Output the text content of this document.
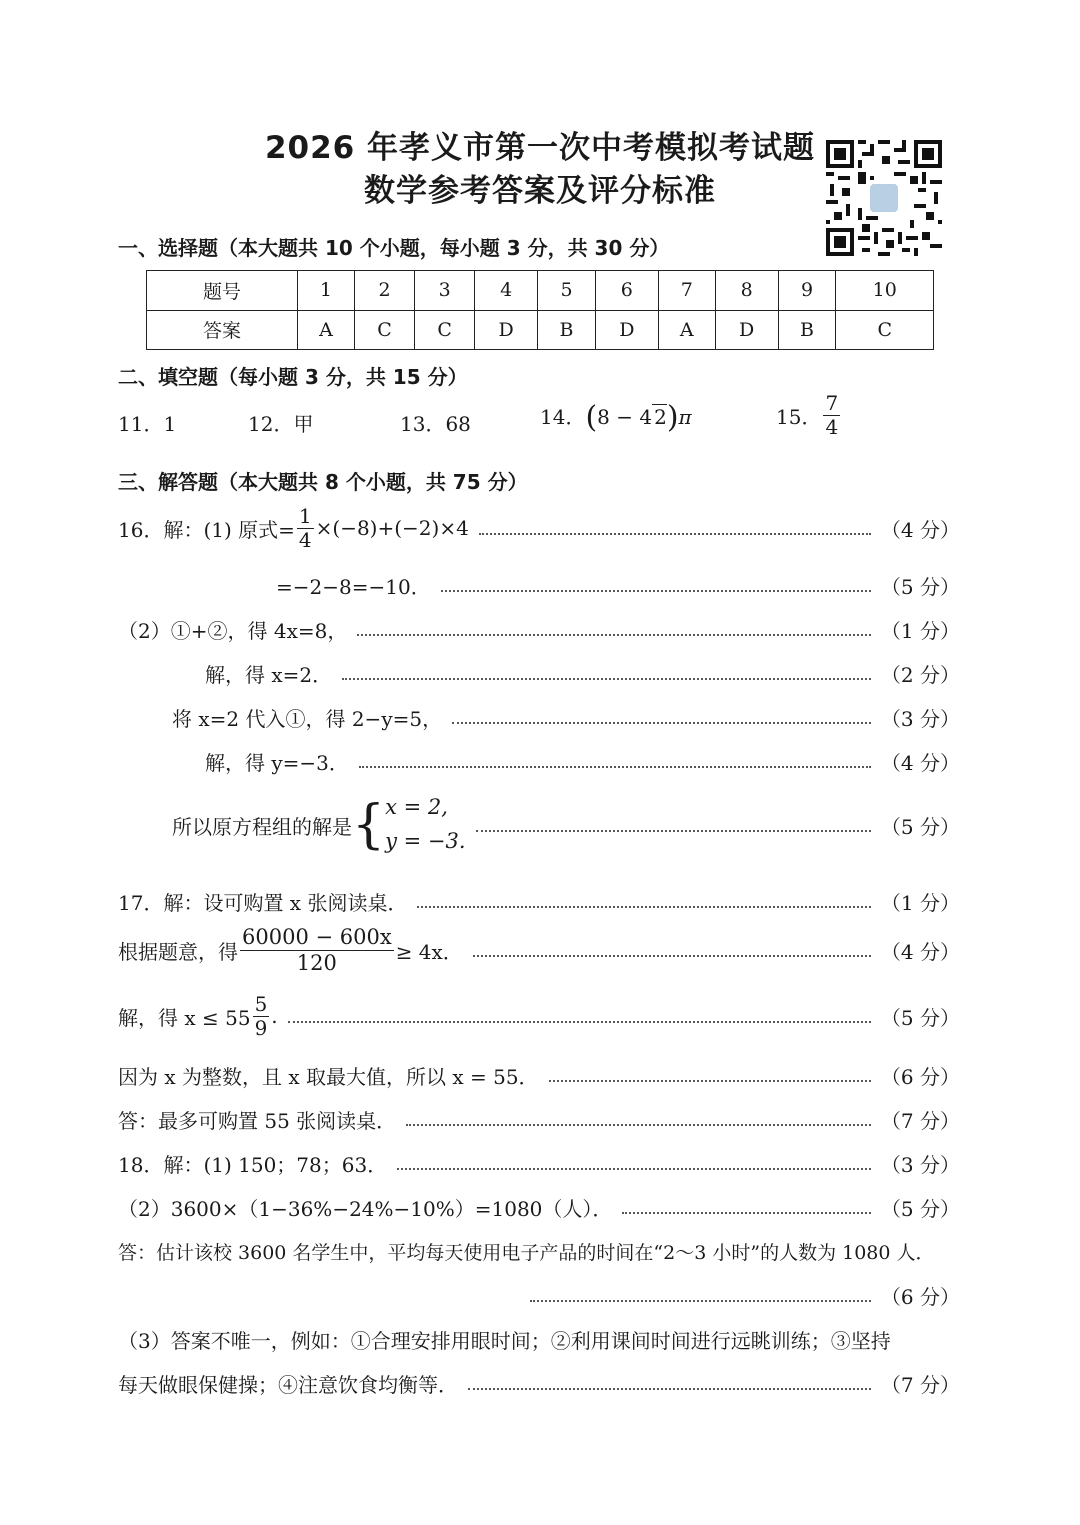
2026 年孝义市第一次中考模拟考试题
数学参考答案及评分标准
一、选择题（本大题共 10 个小题，每小题 3 分，共 30 分）
题号	1	2	3	4	5	6	7	8	9	10
答案	A	C	C	D	B	D	A	D	B	C
二、填空题（每小题 3 分，共 15 分）
11．1	12．甲	13．68	14．(8 − 4 2)π	15． $\frac{7}{4}$
三、解答题（本大题共 8 个小题，共 75 分）
16．解：(1) 原式= $\frac{1}{4} \times(-8)+(-2)\times 4$	（4 分）
=−2−8=−10．	（5 分）
（2）①+②，得 4x=8，	（1 分）
解，得 x=2．	（2 分）
将 x=2 代入①，得 2−y=5，	（3 分）
解，得 y=−3．	（4 分）
所以原方程组的解是 { x = 2,
y = −3.
（5 分）
17．解：设可购置 x 张阅读桌．	（1 分）
根据题意，得 $\frac{60000 - 600x}{120} \ge 4x$．	（4 分）
解，得 $x \le 55 \frac{5}{9}$ .	（5 分）
因为 x 为整数，且 x 取最大值，所以 x = 55．	（6 分）
答：最多可购置 55 张阅读桌．	（7 分）
18．解：(1) 150；78；63．	（3 分）
（2）3600×（1−36%−24%−10%）=1080（人）．	（5 分）
答：估计该校 3600 名学生中，平均每天使用电子产品的时间在“2～3 小时”的人数为 1080 人．
（6 分）
（3）答案不唯一，例如：①合理安排用眼时间；②利用课间时间进行远眺训练；③坚持
每天做眼保健操；④注意饮食均衡等．	（7 分）
